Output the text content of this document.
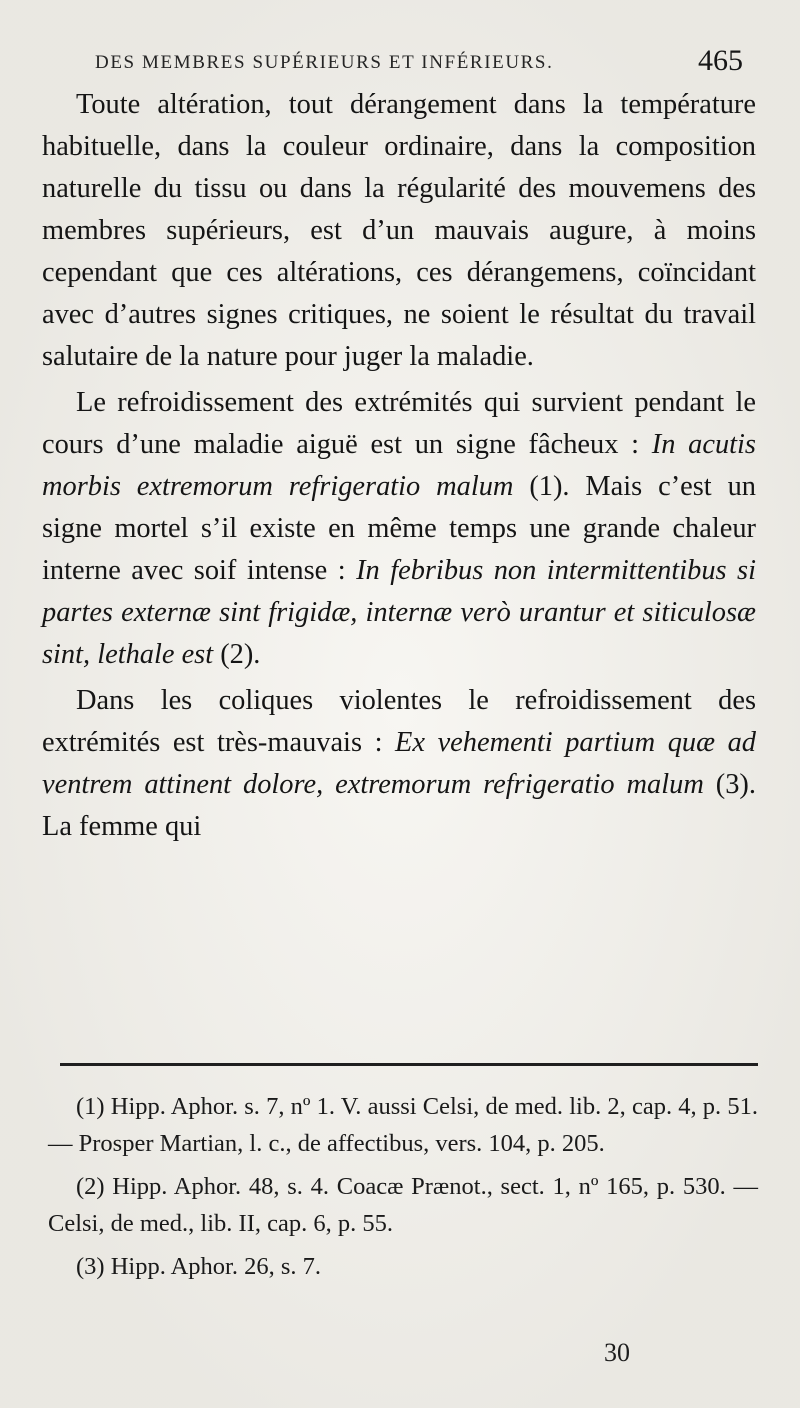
DES MEMBRES SUPÉRIEURS ET INFÉRIEURS.	465

Toute altération, tout dérangement dans la température habituelle, dans la couleur ordinaire, dans la composition naturelle du tissu ou dans la régularité des mouvemens des membres supérieurs, est d’un mauvais augure, à moins cependant que ces altérations, ces dérangemens, coïncidant avec d’autres signes critiques, ne soient le résultat du travail salutaire de la nature pour juger la maladie.

Le refroidissement des extrémités qui survient pendant le cours d’une maladie aiguë est un signe fâcheux : In acutis morbis extremorum refrigeratio malum (1). Mais c’est un signe mortel s’il existe en même temps une grande chaleur interne avec soif intense : In febribus non intermittentibus si partes externæ sint frigidæ, internæ verò urantur et siticulosæ sint, lethale est (2).

Dans les coliques violentes le refroidissement des extrémités est très-mauvais : Ex vehementi partium quæ ad ventrem attinent dolore, extremorum refrigeratio malum (3). La femme qui

(1) Hipp. Aphor. s. 7, nº 1. V. aussi Celsi, de med. lib. 2, cap. 4, p. 51. — Prosper Martian, l. c., de affectibus, vers. 104, p. 205.

(2) Hipp. Aphor. 48, s. 4. Coacæ Prænot., sect. 1, nº 165, p. 530. — Celsi, de med., lib. II, cap. 6, p. 55.

(3) Hipp. Aphor. 26, s. 7.

30
